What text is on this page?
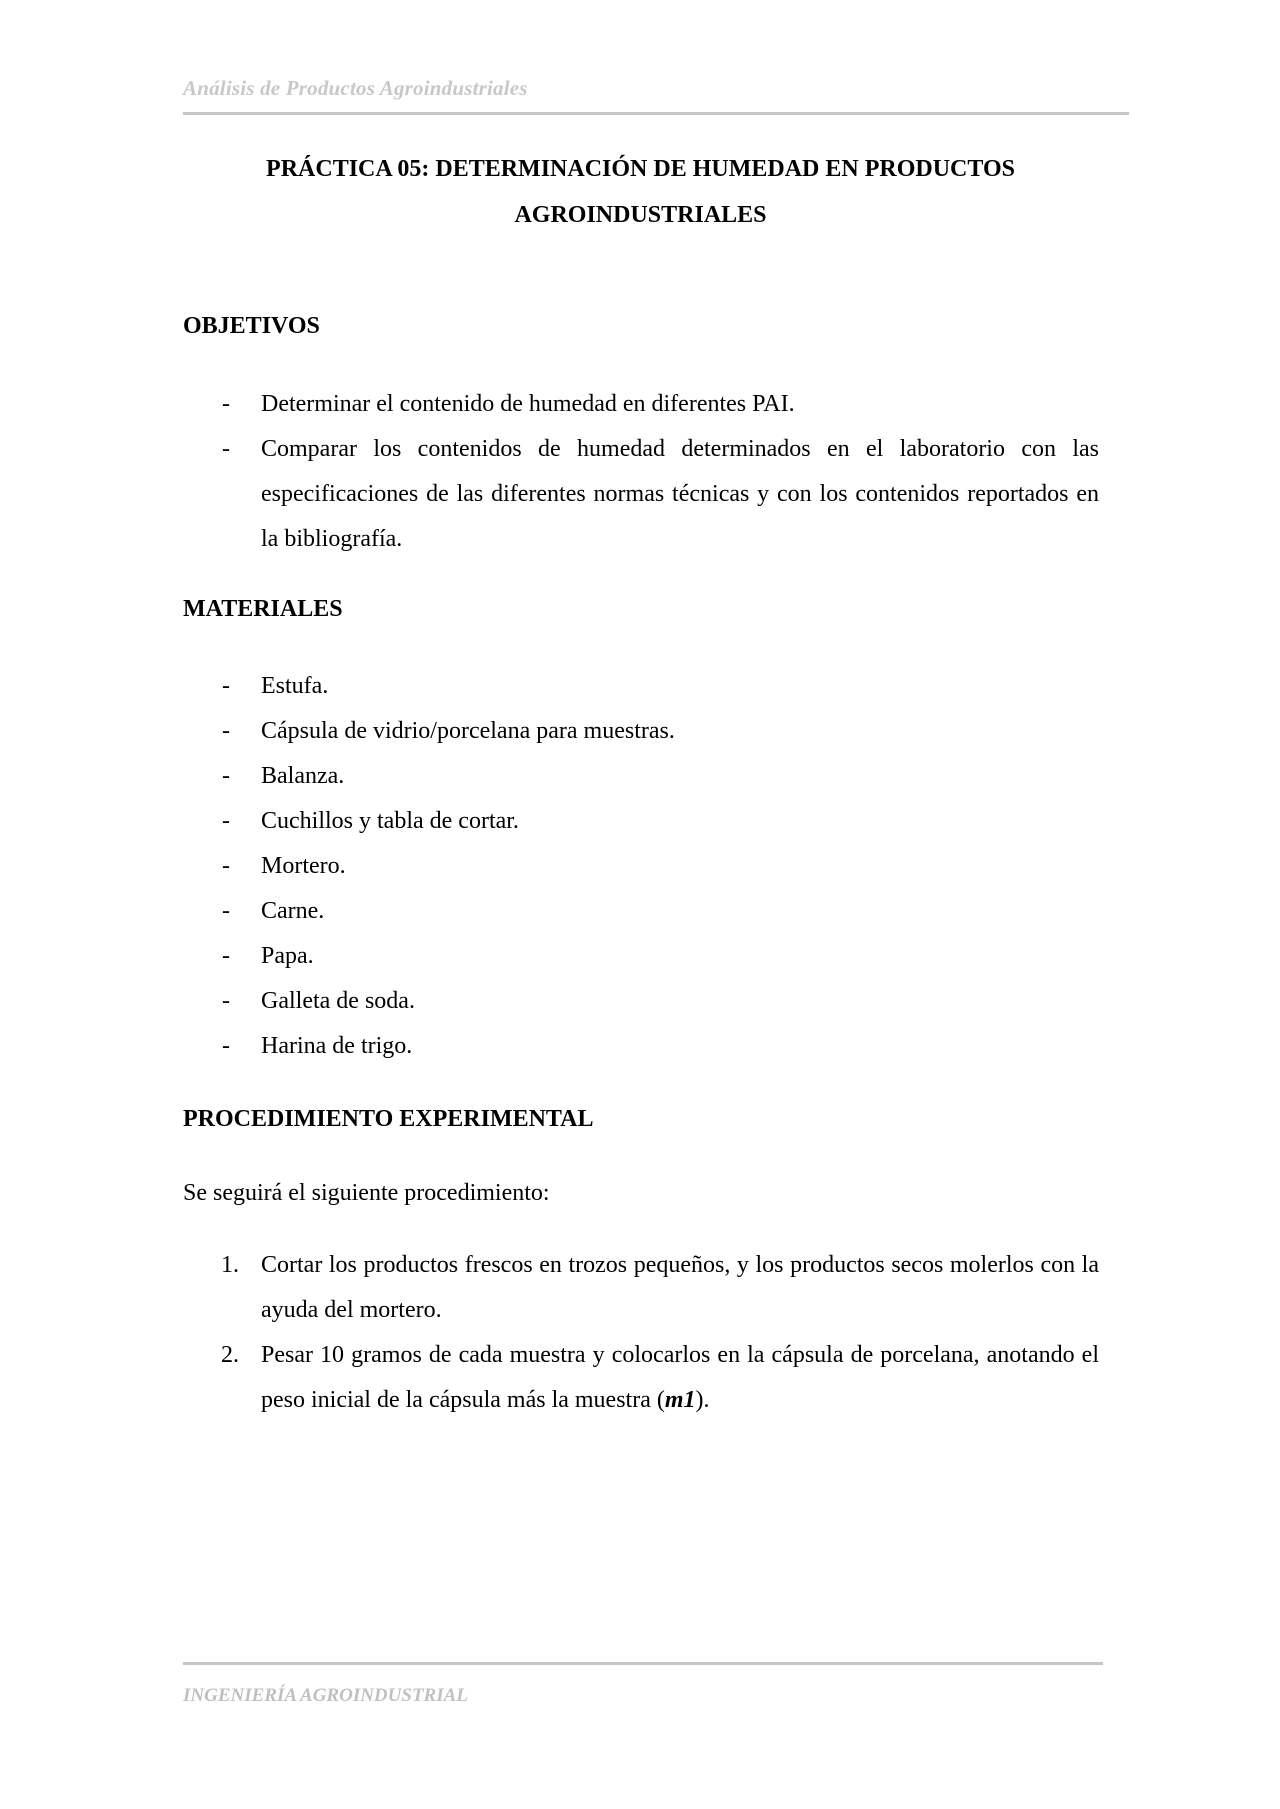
Análisis de Productos Agroindustriales
PRÁCTICA 05: DETERMINACIÓN DE HUMEDAD EN PRODUCTOS
AGROINDUSTRIALES
OBJETIVOS
- Determinar el contenido de humedad en diferentes PAI.
- Comparar los contenidos de humedad determinados en el laboratorio con las especificaciones de las diferentes normas técnicas y con los contenidos reportados en la bibliografía.
MATERIALES
- Estufa.
- Cápsula de vidrio/porcelana para muestras.
- Balanza.
- Cuchillos y tabla de cortar.
- Mortero.
- Carne.
- Papa.
- Galleta de soda.
- Harina de trigo.
PROCEDIMIENTO EXPERIMENTAL
Se seguirá el siguiente procedimiento:
1. Cortar los productos frescos en trozos pequeños, y los productos secos molerlos con la ayuda del mortero.
2. Pesar 10 gramos de cada muestra y colocarlos en la cápsula de porcelana, anotando el peso inicial de la cápsula más la muestra (m1).
INGENIERÍA AGROINDUSTRIAL
